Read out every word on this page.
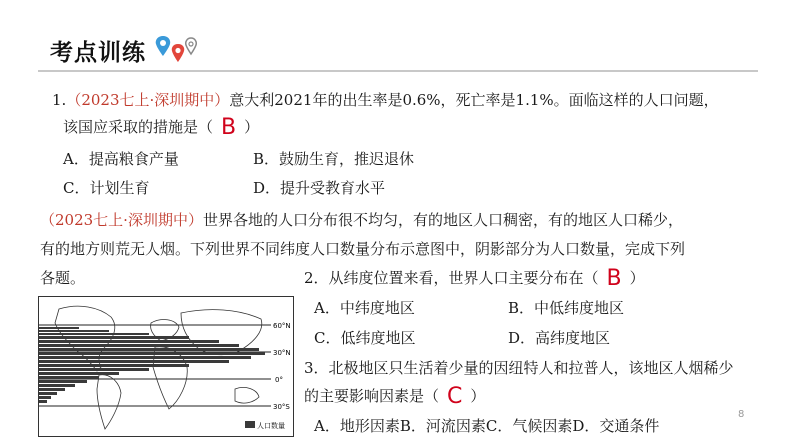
考点训练
1.（2023七上·深圳期中）意大利2021年的出生率是0.6%，死亡率是1.1%。面临这样的人口问题，
该国应采取的措施是（ B ）
A．提高粮食产量	B．鼓励生育，推迟退休
C．计划生育	D．提升受教育水平
（2023七上·深圳期中）世界各地的人口分布很不均匀，有的地区人口稠密，有的地区人口稀少，
有的地方则荒无人烟。下列世界不同纬度人口数量分布示意图中，阴影部分为人口数量，完成下列
各题。	2．从纬度位置来看，世界人口主要分布在（ B ）
A．中纬度地区	B．中低纬度地区
C．低纬度地区	D．高纬度地区
3．北极地区只生活着少量的因纽特人和拉普人，该地区人烟稀少
的主要影响因素是（ C ）
A．地形因素B．河流因素C．气候因素D．交通条件
60°N
30°N
0°
30°S
人口数量
8
